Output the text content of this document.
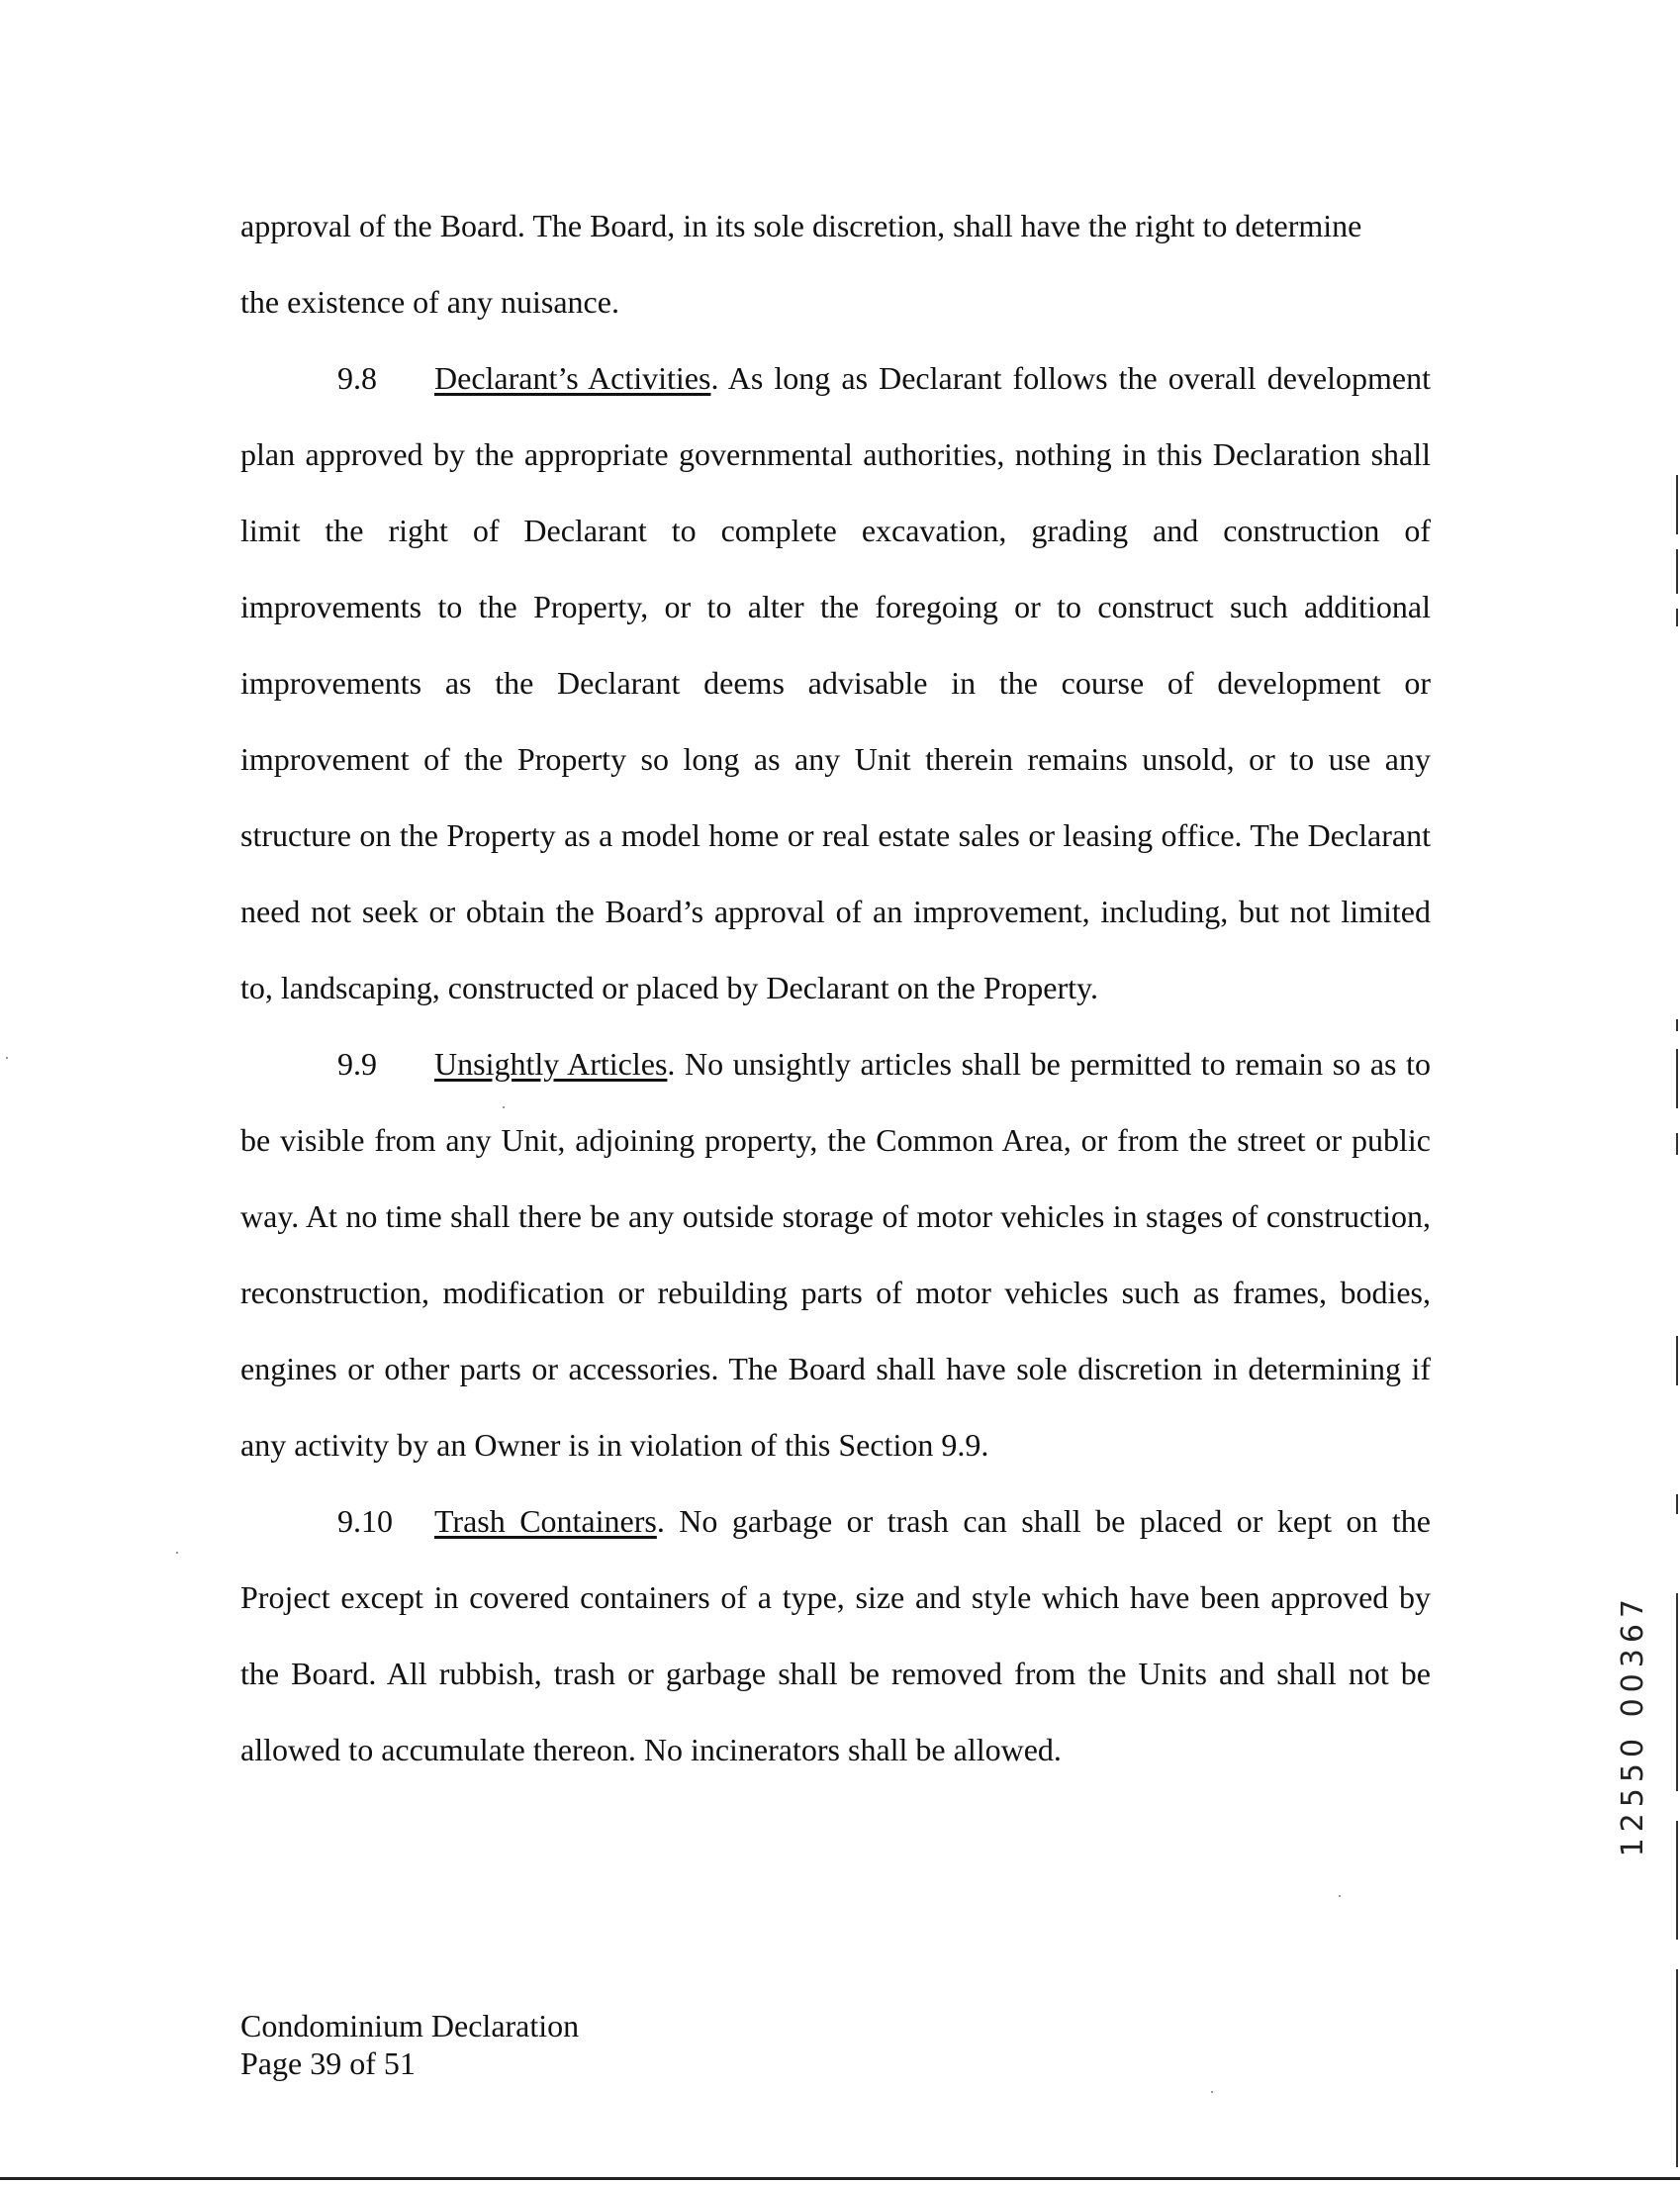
approval of the Board. The Board, in its sole discretion, shall have the right to determine
the existence of any nuisance.

9.8 Declarant’s Activities. As long as Declarant follows the overall development plan approved by the appropriate governmental authorities, nothing in this Declaration shall limit the right of Declarant to complete excavation, grading and construction of improvements to the Property, or to alter the foregoing or to construct such additional improvements as the Declarant deems advisable in the course of development or improvement of the Property so long as any Unit therein remains unsold, or to use any structure on the Property as a model home or real estate sales or leasing office. The Declarant need not seek or obtain the Board’s approval of an improvement, including, but not limited to, landscaping, constructed or placed by Declarant on the Property.

9.9 Unsightly Articles. No unsightly articles shall be permitted to remain so as to be visible from any Unit, adjoining property, the Common Area, or from the street or public way. At no time shall there be any outside storage of motor vehicles in stages of construction, reconstruction, modification or rebuilding parts of motor vehicles such as frames, bodies, engines or other parts or accessories. The Board shall have sole discretion in determining if any activity by an Owner is in violation of this Section 9.9.

9.10 Trash Containers. No garbage or trash can shall be placed or kept on the Project except in covered containers of a type, size and style which have been approved by the Board. All rubbish, trash or garbage shall be removed from the Units and shall not be allowed to accumulate thereon. No incinerators shall be allowed.

Condominium Declaration
Page 39 of 51
12550 00367
